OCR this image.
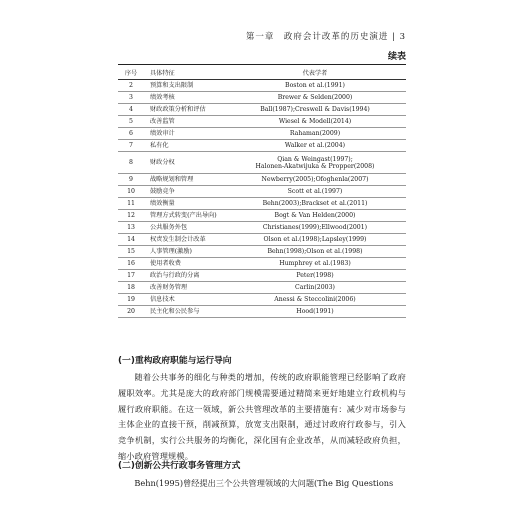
第一章　政府会计改革的历史演进 | 3
续表
序号	具体特征	代表学者
2	预算和支出限制	Boston et al.(1991)

3	绩效考核	Brewer & Selden(2000)

4	财政政策分析和评估	Ball(1987);Creswell & Davis(1994)

5	改善监管	Wiesel & Modell(2014)

6	绩效审计	Rahaman(2009)

7	私有化	Walker et al.(2004)

8	财政分权	Qian & Weingast(1997);
Halonen-Akatwijuka & Propper(2008)

9	战略规划和管理	Newberry(2005);Ofoghenla(2007)

10	鼓励竞争	Scott et al.(1997)

11	绩效衡量	Behn(2003);Brackset et al.(2011)

12	管理方式转变(产出导向)	Bogt & Van Helden(2000)

13	公共服务外包	Christianes(1999);Ellwood(2001)

14	权责发生制会计改革	Olson et al.(1998);Lapsley(1999)

15	人事管理(激励)	Behn(1998);Olson et al.(1998)

16	使用者收费	Humphrey et al.(1983)

17	政治与行政的分离	Peter(1998)

18	改善财务管理	Carlin(2003)

19	信息技术	Anessi & Steccolini(2006)

20	民主化和公民参与	Hood(1991)
(一)重构政府职能与运行导向
随着公共事务的细化与种类的增加，传统的政府职能管理已经影响了政府履职效率。尤其是庞大的政府部门规模需要通过精简来更好地建立行政机构与履行政府职能。在这一领域，新公共管理改革的主要措施有：减少对市场参与主体企业的直接干预，削减预算，放宽支出限制，通过讨政府行政参与，引入竞争机制，实行公共服务的均衡化，深化国有企业改革，从而减轻政府负担，缩小政府管理规模。
(二)创新公共行政事务管理方式
Behn(1995)曾经提出三个公共管理领域的大问题(The Big Questions
